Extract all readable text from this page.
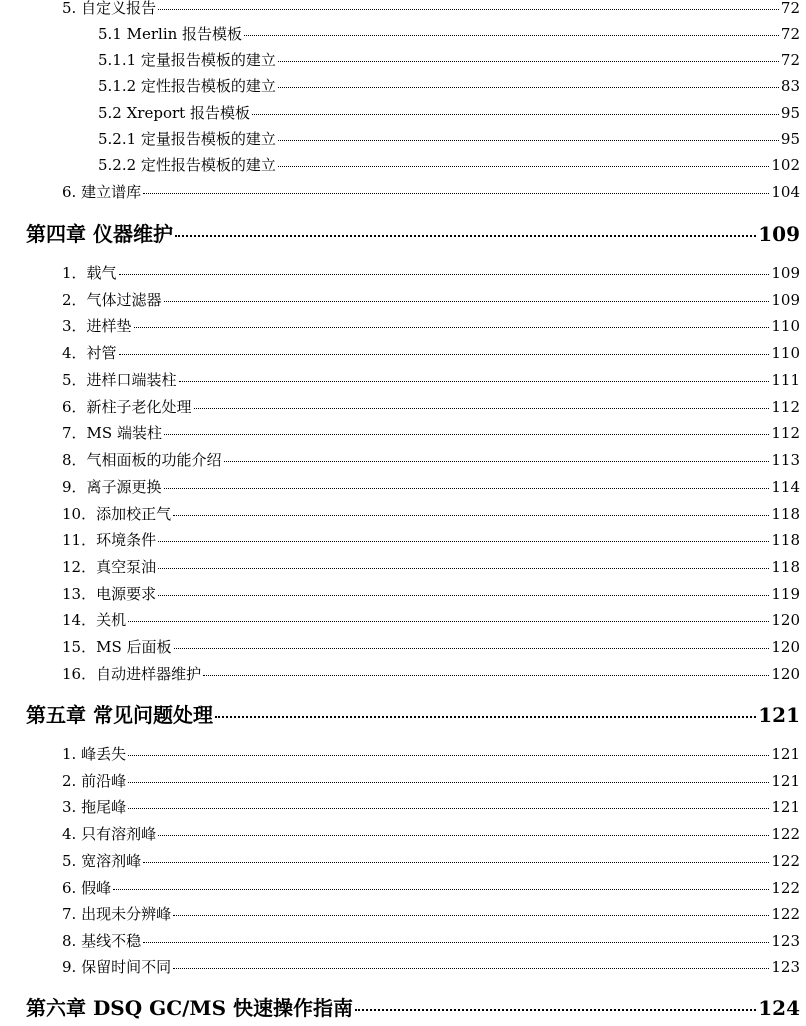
5. 自定义报告	72
5.1 Merlin 报告模板	72
5.1.1 定量报告模板的建立	72
5.1.2 定性报告模板的建立	83
5.2 Xreport 报告模板	95
5.2.1 定量报告模板的建立	95
5.2.2 定性报告模板的建立	102
6. 建立谱库	104
第四章 仪器维护	109
1．载气	109
2．气体过滤器	109
3．进样垫	110
4．衬管	110
5．进样口端装柱	111
6．新柱子老化处理	112
7．MS 端装柱	112
8．气相面板的功能介绍	113
9．离子源更换	114
10．添加校正气	118
11．环境条件	118
12．真空泵油	118
13．电源要求	119
14．关机	120
15．MS 后面板	120
16．自动进样器维护	120
第五章 常见问题处理	121
1. 峰丢失	121
2. 前沿峰	121
3. 拖尾峰	121
4. 只有溶剂峰	122
5. 宽溶剂峰	122
6. 假峰	122
7. 出现未分辨峰	122
8. 基线不稳	123
9. 保留时间不同	123
第六章 DSQ GC/MS 快速操作指南	124
